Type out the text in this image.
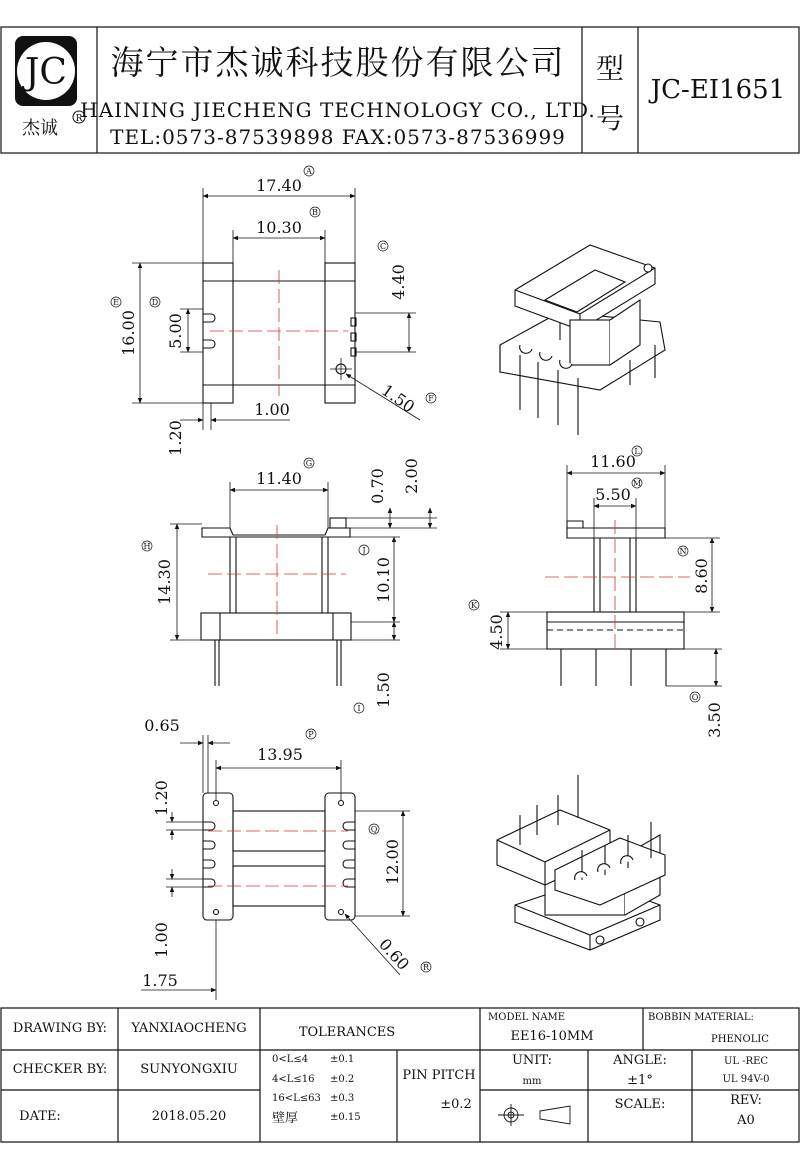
JC
杰诚 R
海宁市杰诚科技股份有限公司
HAINING JIECHENG TECHNOLOGY CO., LTD.
TEL:0573-87539898 FAX:0573-87536999
型
号
JC-EI1651
17.40
10.30
4.40
16.00 5.00
1.00
1.20
1.50
A
B
C
D
E
F
11.40
14.30	10.10
0.70 2.00
1.50
G
H	J
I
11.60
5.50
8.60
4.50
3.50
L
M
N
K
O
0.65
13.95
1.20
12.00
1.00
1.75
0.60
P
Q
R
DRAWING BY: YANXIAOCHENG
CHECKER BY:	SUNYONGXIU
DATE:	2018.05.20
TOLERANCES
0<L≤4 ±0.1
4<L≤16 ±0.2
16<L≤63 ±0.3
壁厚	±0.15
PIN PITCH
±0.2
MODEL NAME
EE16-10MM
BOBBIN MATERIAL:
PHENOLIC
UNIT:
mm
ANGLE:
±1°
UL -REC
UL 94V-0
SCALE:	REV:
A0
